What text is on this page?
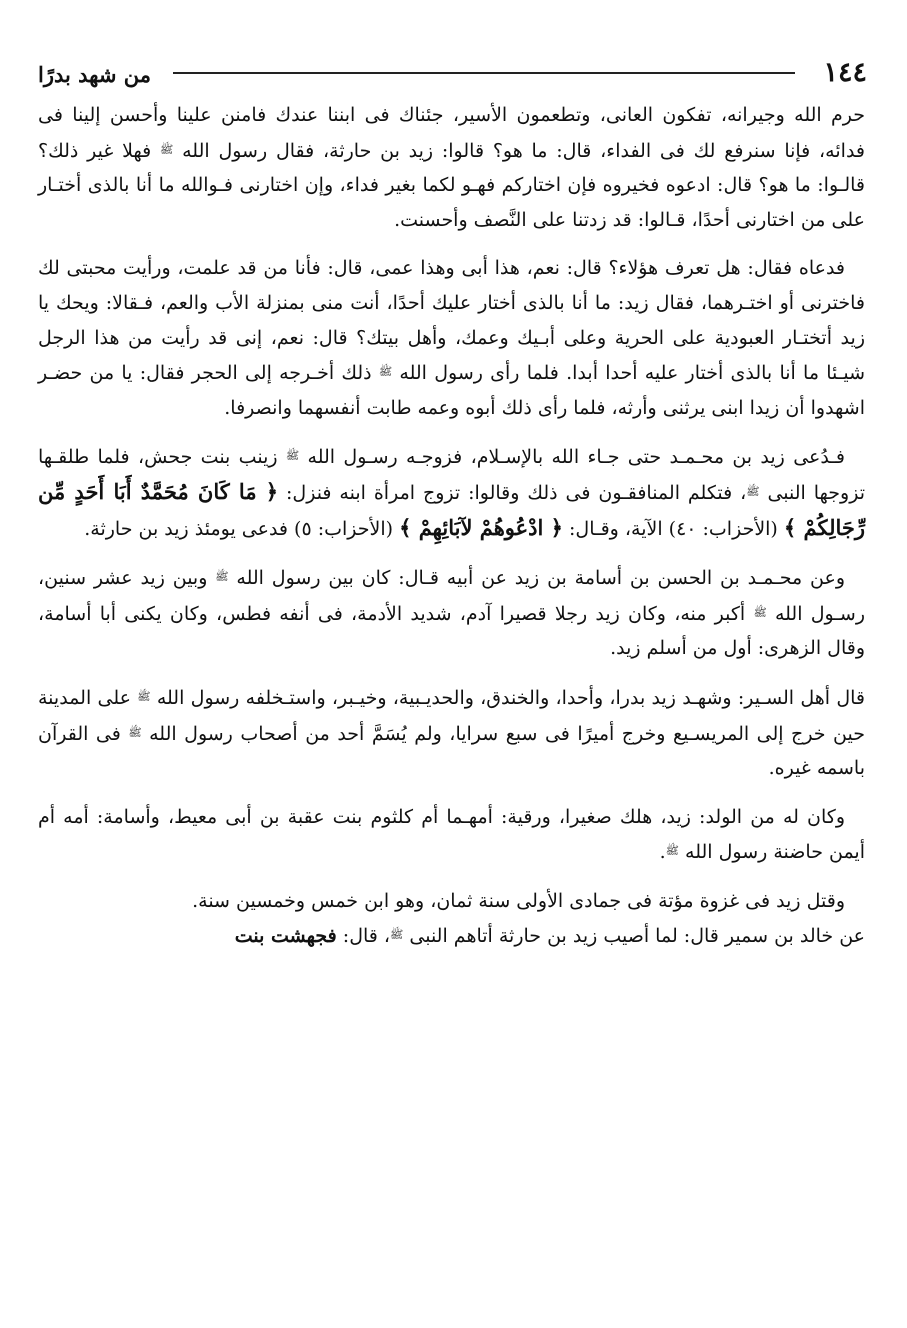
١٤٤
من شهد بدرًا

حرم الله وجيرانه، تفكون العانى، وتطعمون الأسير، جئناك فى ابننا عندك فامنن علينا وأحسن إلينا فى فدائه، فإنا سنرفع لك فى الفداء، قال: ما هو؟ قالوا: زيد بن حارثة، فقال رسول الله $^ﷺ$ فهلا غير ذلك؟ قالـوا: ما هو؟ قال: ادعوه فخيروه فإن اختاركم فهـو لكما بغير فداء، وإن اختارنى فـوالله ما أنا بالذى أختـار على من اختارنى أحدًا، قـالوا: قد زدتنا على النَّصف وأحسنت.

فدعاه فقال: هل تعرف هؤلاء؟ قال: نعم، هذا أبى وهذا عمى، قال: فأنا من قد علمت، ورأيت محبتى لك فاخترنى أو اختـرهما، فقال زيد: ما أنا بالذى أختار عليك أحدًا، أنت منى بمنزلة الأب والعم، فـقالا: ويحك يا زيد أتختـار العبودية على الحرية وعلى أبـيك وعمك، وأهل بيتك؟ قال: نعم، إنى قد رأيت من هذا الرجل شيـئا ما أنا بالذى أختار عليه أحدا أبدا. فلما رأى رسول الله $^ﷺ$ ذلك أخـرجه إلى الحجر فقال: يا من حضـر اشهدوا أن زيدا ابنى يرثنى وأرثه، فلما رأى ذلك أبوه وعمه طابت أنفسهما وانصرفا.

فـدُعى زيد بن محـمـد حتى جـاء الله بالإسـلام، فزوجـه رسـول الله $^ﷺ$ زينب بنت جحش، فلما طلقـها تزوجها النبى $^ﷺ$، فتكلم المنافقـون فى ذلك وقالوا: تزوج امرأة ابنه فنزل: ﴿ مَا كَانَ مُحَمَّدٌ أَبَا أَحَدٍ مِّن رِّجَالِكُمْ ﴾ (الأحزاب: ٤٠) الآية، وقـال: ﴿ ادْعُوهُمْ لآبَائِهِمْ ﴾ (الأحزاب: ٥) فدعى يومئذ زيد بن حارثة.

وعن محـمـد بن الحسن بن أسامة بن زيد عن أبيه قـال: كان بين رسول الله $^ﷺ$ وبين زيد عشر سنين، رسـول الله $^ﷺ$ أكبر منه، وكان زيد رجلا قصيرا آدم، شديد الأدمة، فى أنفه فطس، وكان يكنى أبا أسامة، وقال الزهرى: أول من أسلم زيد.

قال أهل السـير: وشهـد زيد بدرا، وأحدا، والخندق، والحديـبية، وخيـبر، واستـخلفه رسول الله $^ﷺ$ على المدينة حين خرج إلى المريسـيع وخرج أميرًا فى سبع سرايا، ولم يُسَمَّ أحد من أصحاب رسول الله $^ﷺ$ فى القرآن باسمه غيره.

وكان له من الولد: زيد، هلك صغيرا، ورقية: أمهـما أم كلثوم بنت عقبة بن أبى معيط، وأسامة: أمه أم أيمن حاضنة رسول الله $^ﷺ$.

وقتل زيد فى غزوة مؤتة فى جمادى الأولى سنة ثمان، وهو ابن خمس وخمسين سنة.

عن خالد بن سمير قال: لما أصيب زيد بن حارثة أتاهم النبى $^ﷺ$، قال: فجهشت بنت
